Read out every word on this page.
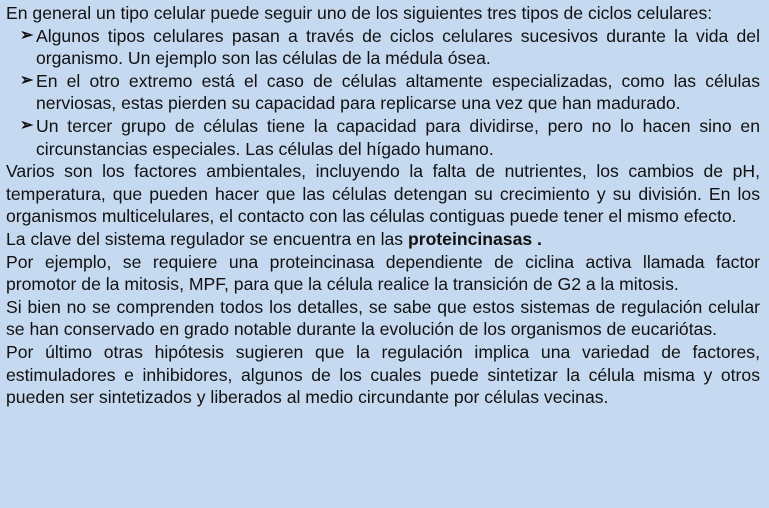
En general un tipo celular puede seguir uno de los siguientes tres tipos de ciclos celulares:

➢ Algunos tipos celulares pasan a través de ciclos celulares sucesivos durante la vida del organismo. Un ejemplo son las células de la médula ósea.

➢ En el otro extremo está el caso de células altamente especializadas, como las células nerviosas, estas pierden su capacidad para replicarse una vez que han madurado.

➢ Un tercer grupo de células tiene la capacidad para dividirse, pero no lo hacen sino en circunstancias especiales. Las células del hígado humano.

Varios son los factores ambientales, incluyendo la falta de nutrientes, los cambios de pH, temperatura, que pueden hacer que las células detengan su crecimiento y su división. En los organismos multicelulares, el contacto con las células contiguas puede tener el mismo efecto.

La clave del sistema regulador se encuentra en las proteincinasas .

Por ejemplo, se requiere una proteincinasa dependiente de ciclina activa llamada factor promotor de la mitosis, MPF, para que la célula realice la transición de G2 a la mitosis.

Si bien no se comprenden todos los detalles, se sabe que estos sistemas de regulación celular se han conservado en grado notable durante la evolución de los organismos de eucariótas.

Por último otras hipótesis sugieren que la regulación implica una variedad de factores, estimuladores e inhibidores, algunos de los cuales puede sintetizar la célula misma y otros pueden ser sintetizados y liberados al medio circundante por células vecinas.
